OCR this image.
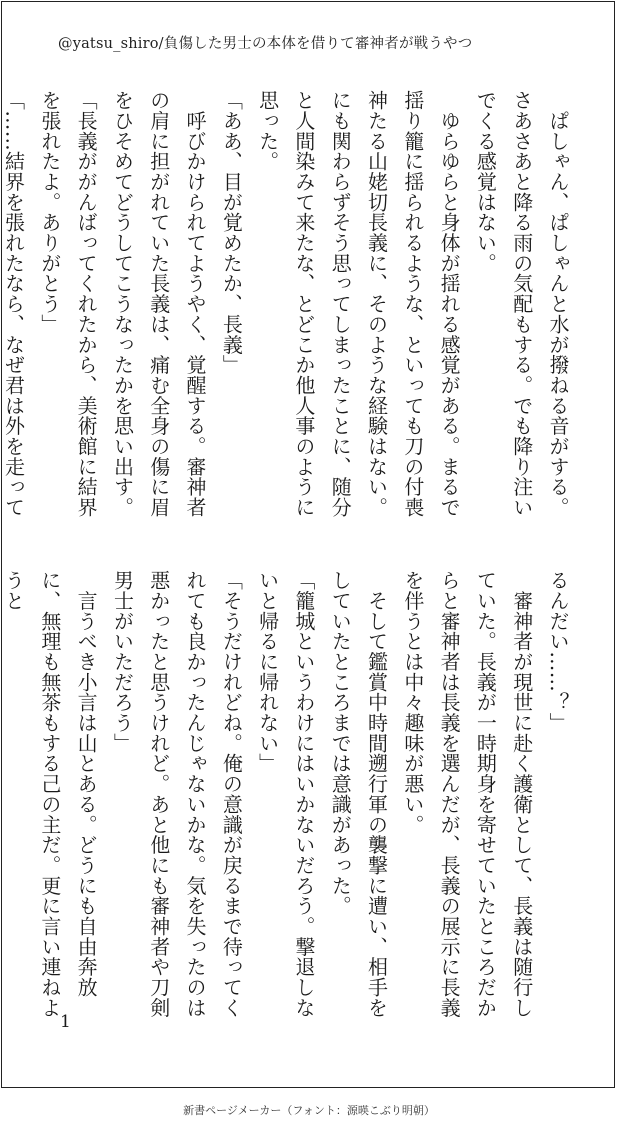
@yatsu_shiro/負傷した男士の本体を借りて審神者が戦うやつ

　ぱしゃん、ぱしゃんと水が撥ねる音がする。さあさあと降る雨の気配もする。でも降り注いでくる感覚はない。

　ゆらゆらと身体が揺れる感覚がある。まるで揺り籠に揺られるような、といっても刀の付喪神たる山姥切長義に、そのような経験はない。にも関わらずそう思ってしまったことに、随分と人間染みて来たな、とどこか他人事のように思った。

「ああ、目が覚めたか、長義」

　呼びかけられてようやく、覚醒する。審神者の肩に担がれていた長義は、痛む全身の傷に眉をひそめてどうしてこうなったかを思い出す。

「長義ががんばってくれたから、美術館に結界を張れたよ。ありがとう」

「……結界を張れたなら、なぜ君は外を走って

るんだい……？」

　審神者が現世に赴く護衛として、長義は随行していた。長義が一時期身を寄せていたところだからと審神者は長義を選んだが、長義の展示に長義を伴うとは中々趣味が悪い。

　そして鑑賞中時間遡行軍の襲撃に遭い、相手をしていたところまでは意識があった。

「籠城というわけにはいかないだろう。撃退しないと帰るに帰れない」

「そうだけれどね。俺の意識が戻るまで待ってくれても良かったんじゃないかな。気を失ったのは悪かったと思うけれど。あと他にも審神者や刀剣男士がいただろう」

　言うべき小言は山とある。どうにも自由奔放に、無理も無茶もする己の主だ。更に言い連ねようと

1
新書ページメーカー（フォント：源暎こぶり明朝）
